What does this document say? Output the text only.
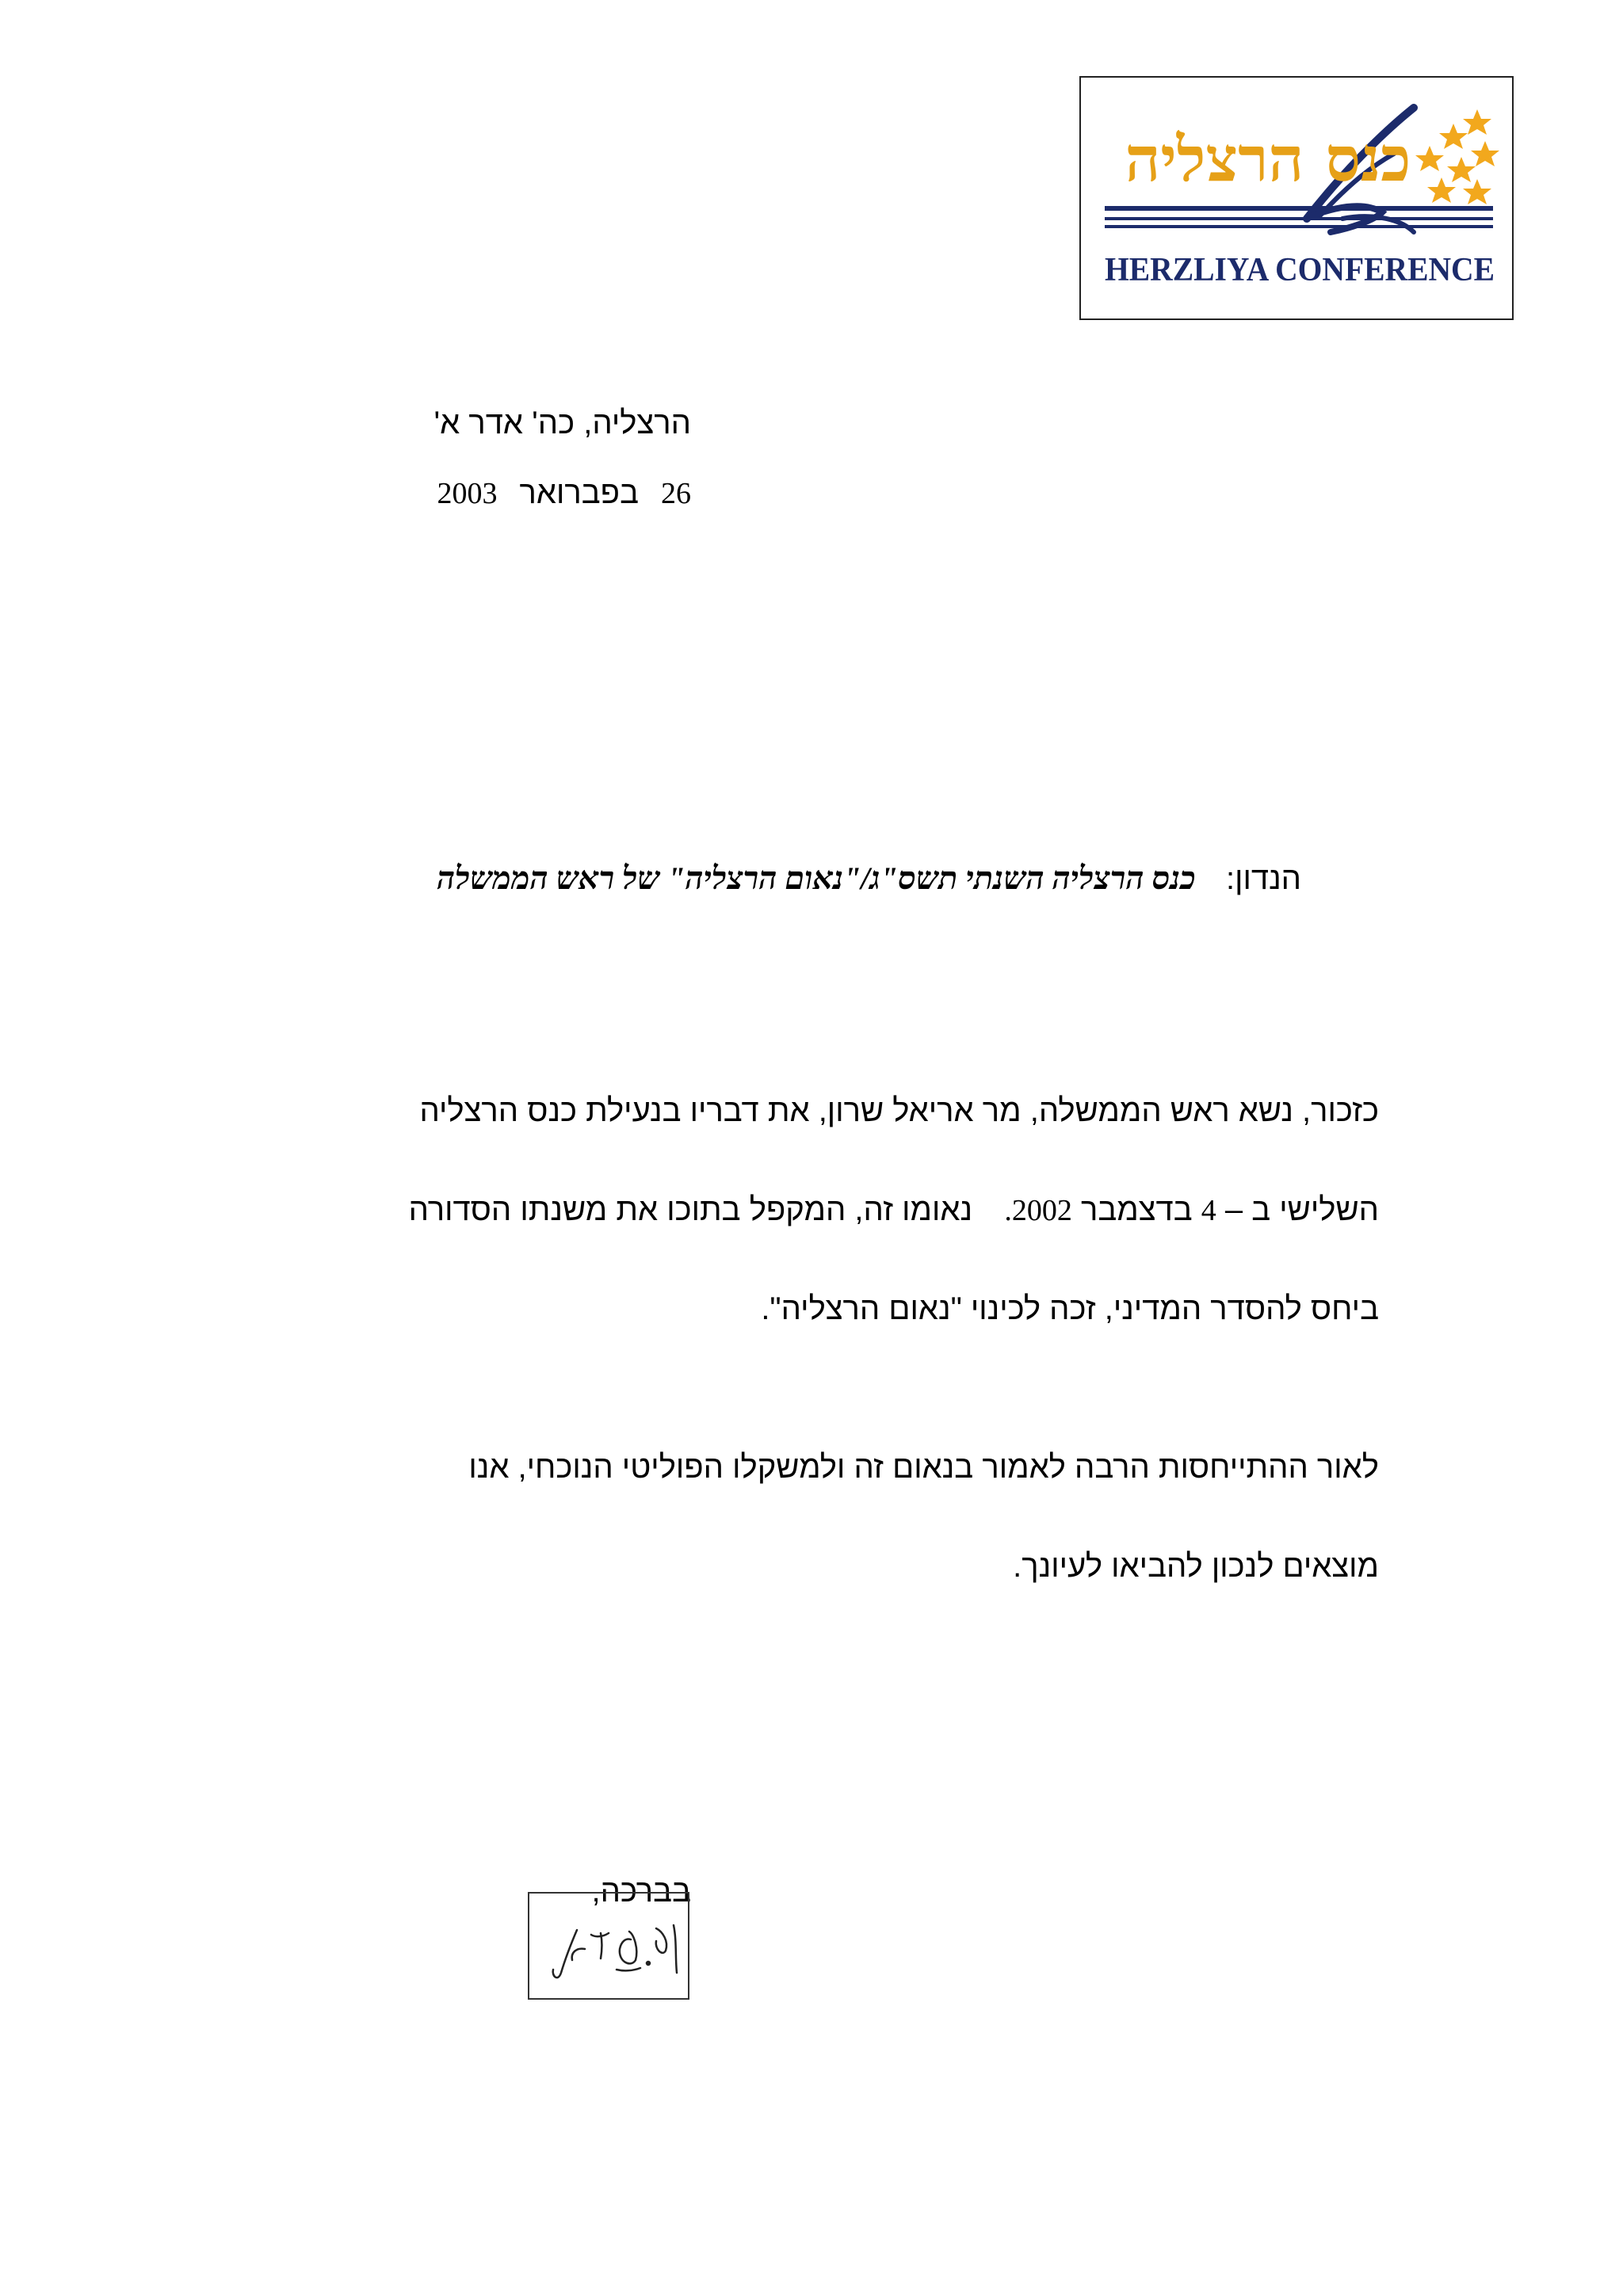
כנס הרצליה
HERZLIYA CONFERENCE
הרצליה, כה' אדר א'
26בפברואר2003
הנדון:  כנס הרצליה השנתי תשס"ג/"נאום הרצליה" של ראש הממשלה
כזכור, נשא ראש הממשלה, מר אריאל שרון, את דבריו בנעילת כנס הרצליה
השלישי ב – 4 בדצמבר 2002.  נאומו זה, המקפל בתוכו את משנתו הסדורה
ביחס להסדר המדיני, זכה לכינוי "נאום הרצליה".
לאור ההתייחסות הרבה לאמור בנאום זה ולמשקלו הפוליטי הנוכחי, אנו
מוצאים לנכון להביאו לעיונך.
בברכה,
